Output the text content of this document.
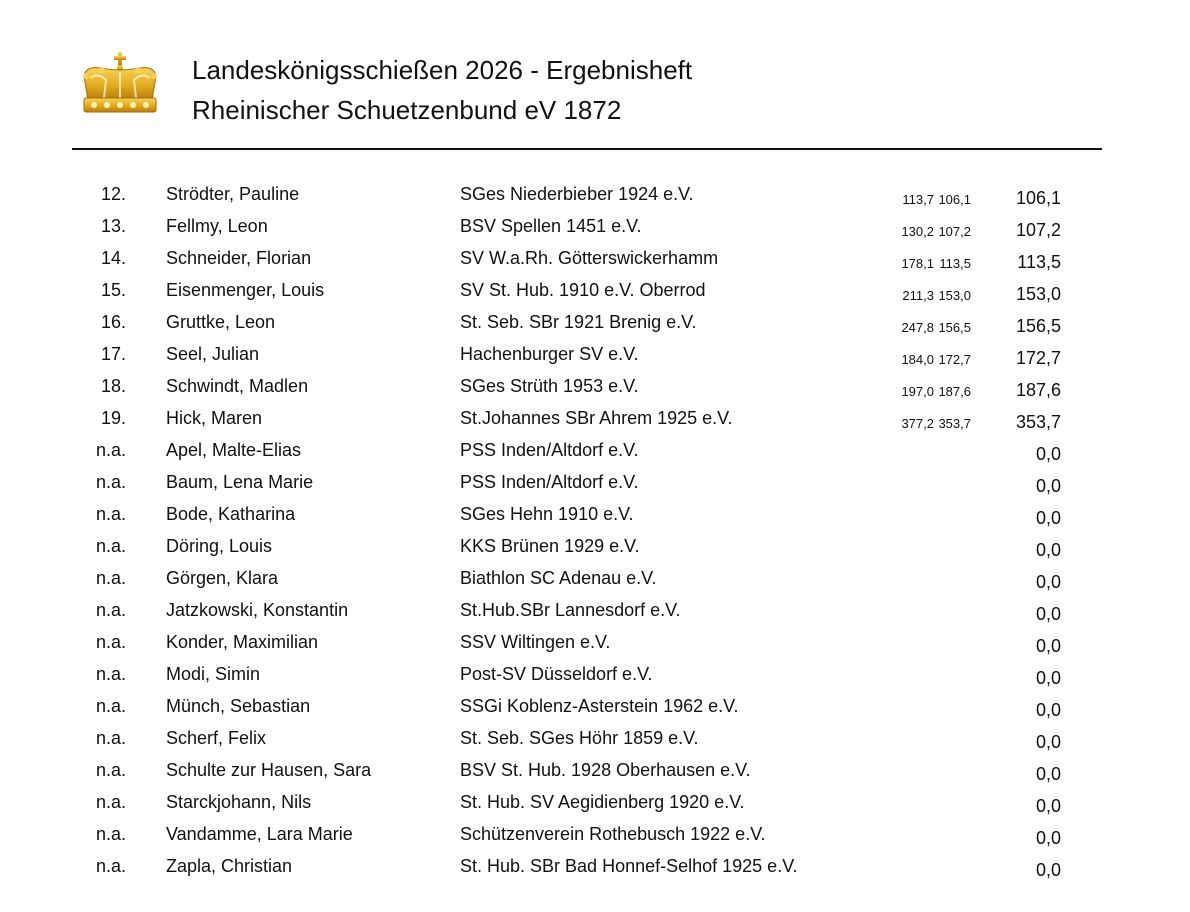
Landeskönigsschießen 2026 - Ergebnisheft
Rheinischer Schuetzenbund eV 1872
12. Strödter, Pauline	SGes Niederbieber 1924 e.V.	113,7 106,1	106,1
13. Fellmy, Leon	BSV Spellen 1451 e.V.	130,2 107,2	107,2
14. Schneider, Florian	SV W.a.Rh. Götterswickerhamm	178,1 113,5	113,5
15. Eisenmenger, Louis	SV St. Hub. 1910 e.V. Oberrod	211,3 153,0	153,0
16. Gruttke, Leon	St. Seb. SBr 1921 Brenig e.V.	247,8 156,5	156,5
17. Seel, Julian	Hachenburger SV e.V.	184,0 172,7	172,7
18. Schwindt, Madlen	SGes Strüth 1953 e.V.	197,0 187,6	187,6
19. Hick, Maren	St.Johannes SBr Ahrem 1925 e.V.	377,2 353,7	353,7
n.a. Apel, Malte-Elias	PSS Inden/Altdorf e.V.	0,0
n.a. Baum, Lena Marie	PSS Inden/Altdorf e.V.	0,0
n.a. Bode, Katharina	SGes Hehn 1910 e.V.	0,0
n.a. Döring, Louis	KKS Brünen 1929 e.V.	0,0
n.a. Görgen, Klara	Biathlon SC Adenau e.V.	0,0
n.a. Jatzkowski, Konstantin	St.Hub.SBr Lannesdorf e.V.	0,0
n.a. Konder, Maximilian	SSV Wiltingen e.V.	0,0
n.a. Modi, Simin	Post-SV Düsseldorf e.V.	0,0
n.a. Münch, Sebastian	SSGi Koblenz-Asterstein 1962 e.V.	0,0
n.a. Scherf, Felix	St. Seb. SGes Höhr 1859 e.V.	0,0
n.a. Schulte zur Hausen, Sara	BSV St. Hub. 1928 Oberhausen e.V.	0,0
n.a. Starckjohann, Nils	St. Hub. SV Aegidienberg 1920 e.V.	0,0
n.a. Vandamme, Lara Marie	Schützenverein Rothebusch 1922 e.V.	0,0
n.a. Zapla, Christian	St. Hub. SBr Bad Honnef-Selhof 1925 e.V.	0,0
